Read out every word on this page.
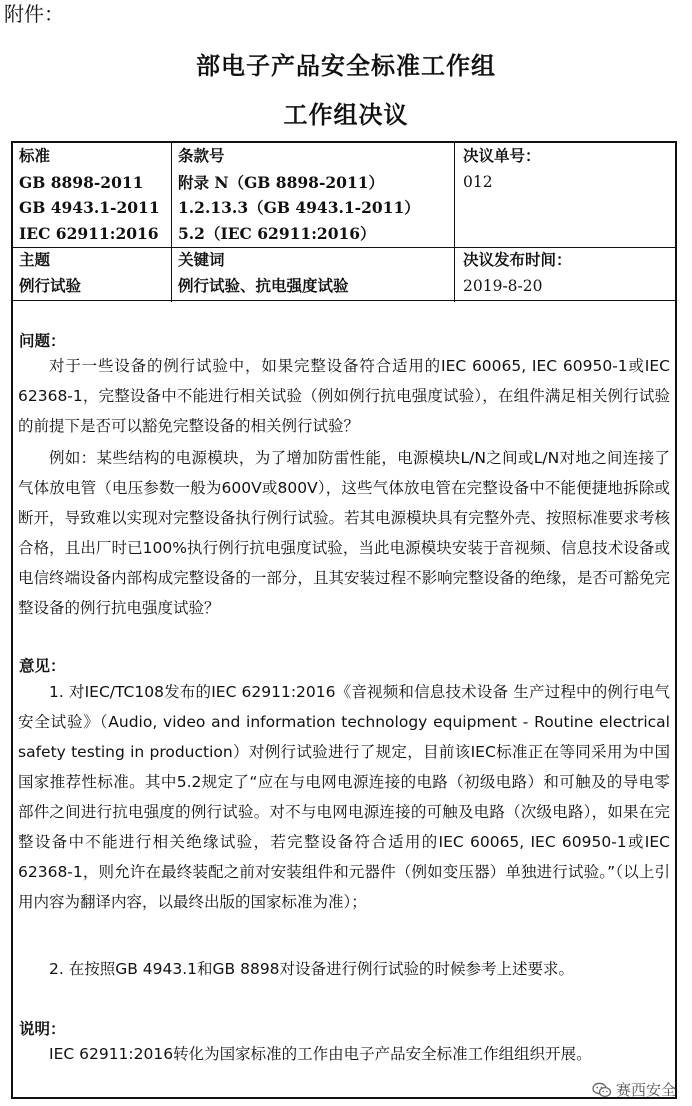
附件：
部电子产品安全标准工作组
工作组决议
标准
GB 8898-2011
GB 4943.1-2011
IEC 62911:2016
条款号
附录 N（GB 8898-2011）
1.2.13.3（GB 4943.1-2011）
5.2（IEC 62911:2016）
决议单号：
012
主题
例行试验
关键词
例行试验、抗电强度试验
决议发布时间：
2019-8-20
问题：
对于一些设备的例行试验中，如果完整设备符合适用的IEC 60065, IEC 60950-1或IEC 62368-1，完整设备中不能进行相关试验（例如例行抗电强度试验），在组件满足相关例行试验的前提下是否可以豁免完整设备的相关例行试验？
例如：某些结构的电源模块，为了增加防雷性能，电源模块L/N之间或L/N对地之间连接了气体放电管（电压参数一般为600V或800V），这些气体放电管在完整设备中不能便捷地拆除或断开，导致难以实现对完整设备执行例行试验。若其电源模块具有完整外壳、按照标准要求考核合格，且出厂时已100%执行例行抗电强度试验，当此电源模块安装于音视频、信息技术设备或电信终端设备内部构成完整设备的一部分，且其安装过程不影响完整设备的绝缘，是否可豁免完整设备的例行抗电强度试验？
意见：
1. 对IEC/TC108发布的IEC 62911:2016《音视频和信息技术设备 生产过程中的例行电气安全试验》（Audio, video and information technology equipment - Routine electrical safety testing in production）对例行试验进行了规定，目前该IEC标准正在等同采用为中国国家推荐性标准。其中5.2规定了“应在与电网电源连接的电路（初级电路）和可触及的导电零部件之间进行抗电强度的例行试验。对不与电网电源连接的可触及电路（次级电路），如果在完整设备中不能进行相关绝缘试验，若完整设备符合适用的IEC 60065, IEC 60950-1或IEC 62368-1，则允许在最终装配之前对安装组件和元器件（例如变压器）单独进行试验。”（以上引用内容为翻译内容，以最终出版的国家标准为准）；
2. 在按照GB 4943.1和GB 8898对设备进行例行试验的时候参考上述要求。
说明：
IEC 62911:2016转化为国家标准的工作由电子产品安全标准工作组组织开展。
赛西安全
